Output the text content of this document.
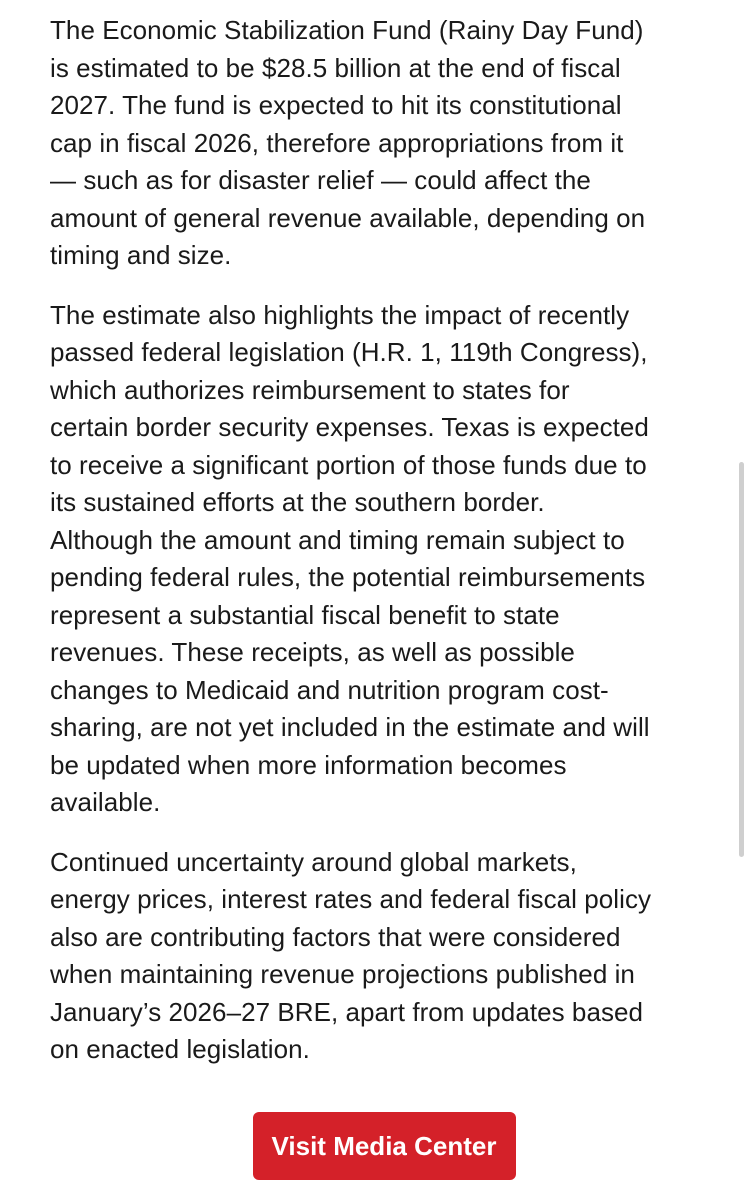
The Economic Stabilization Fund (Rainy Day Fund)
is estimated to be $28.5 billion at the end of fiscal
2027. The fund is expected to hit its constitutional
cap in fiscal 2026, therefore appropriations from it
— such as for disaster relief — could affect the
amount of general revenue available, depending on
timing and size.

The estimate also highlights the impact of recently
passed federal legislation (H.R. 1, 119th Congress),
which authorizes reimbursement to states for
certain border security expenses. Texas is expected
to receive a significant portion of those funds due to
its sustained efforts at the southern border.
Although the amount and timing remain subject to
pending federal rules, the potential reimbursements
represent a substantial fiscal benefit to state
revenues. These receipts, as well as possible
changes to Medicaid and nutrition program cost-
sharing, are not yet included in the estimate and will
be updated when more information becomes
available.

Continued uncertainty around global markets,
energy prices, interest rates and federal fiscal policy
also are contributing factors that were considered
when maintaining revenue projections published in
January’s 2026–27 BRE, apart from updates based
on enacted legislation.

Visit Media Center
